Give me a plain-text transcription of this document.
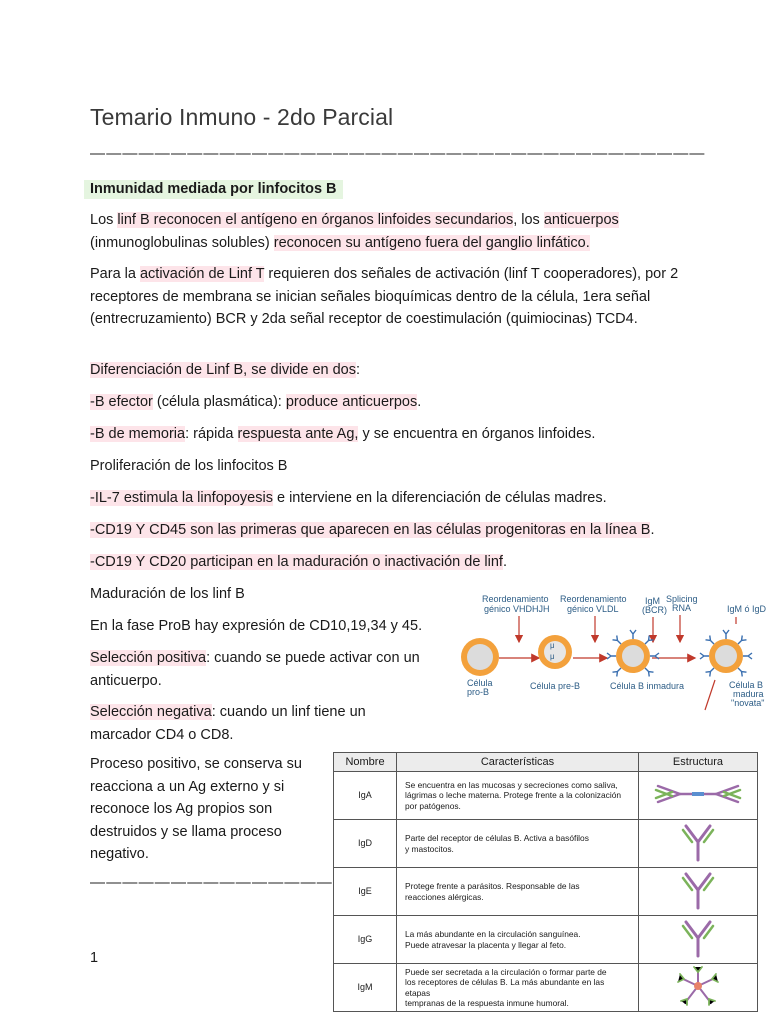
Temario Inmuno - 2do Parcial
——————————————————————————————————————
Inmunidad mediada por linfocitos B

Los linf B reconocen el antígeno en órganos linfoides secundarios, los anticuerpos (inmunoglobulinas solubles) reconocen su antígeno fuera del ganglio linfático.

Para la activación de Linf T requieren dos señales de activación (linf T cooperadores), por 2 receptores de membrana se inician señales bioquímicas dentro de la célula, 1era señal (entrecruzamiento) BCR y 2da señal receptor de coestimulación (quimiocinas) TCD4.

Diferenciación de Linf B, se divide en dos:

-B efector (célula plasmática): produce anticuerpos.

-B de memoria: rápida respuesta ante Ag, y se encuentra en órganos linfoides.

Proliferación de los linfocitos B

-IL-7 estimula la linfopoyesis e interviene en la diferenciación de células madres.

-CD19 Y CD45 son las primeras que aparecen en las células progenitoras en la línea B.

-CD19 Y CD20 participan en la maduración o inactivación de linf.

Maduración de los linf B

En la fase ProB hay expresión de CD10,19,34 y 45.

Selección positiva: cuando se puede activar con un anticuerpo.

Selección negativa: cuando un linf tiene un marcador CD4 o CD8.

Proceso positivo, se conserva su reacciona a un Ag externo y si reconoce los Ag propios son destruidos y se llama proceso negativo.

———————————————
1
Reordenamiento
génico VHDHJH
Reordenamiento
génico VLDL
IgM
(BCR)
Splicing
RNA	IgM ó IgD
μ
μ
Célula
pro-B
Célula pre-B	Célula B inmadura	Célula B
madura
"novata"
Nombre	Características	Estructura
IgA	Se encuentra en las mucosas y secreciones como saliva,
lágrimas o leche materna. Protege frente a la colonización
por patógenos.	
IgD	Parte del receptor de células B. Activa a basófilos
y mastocitos.	
IgE	Protege frente a parásitos. Responsable de las
reacciones alérgicas.	
IgG	La más abundante en la circulación sanguínea.
Puede atravesar la placenta y llegar al feto.	
IgM	Puede ser secretada a la circulación o formar parte de
los receptores de células B. La más abundante en las etapas
tempranas de la respuesta inmune humoral.	
